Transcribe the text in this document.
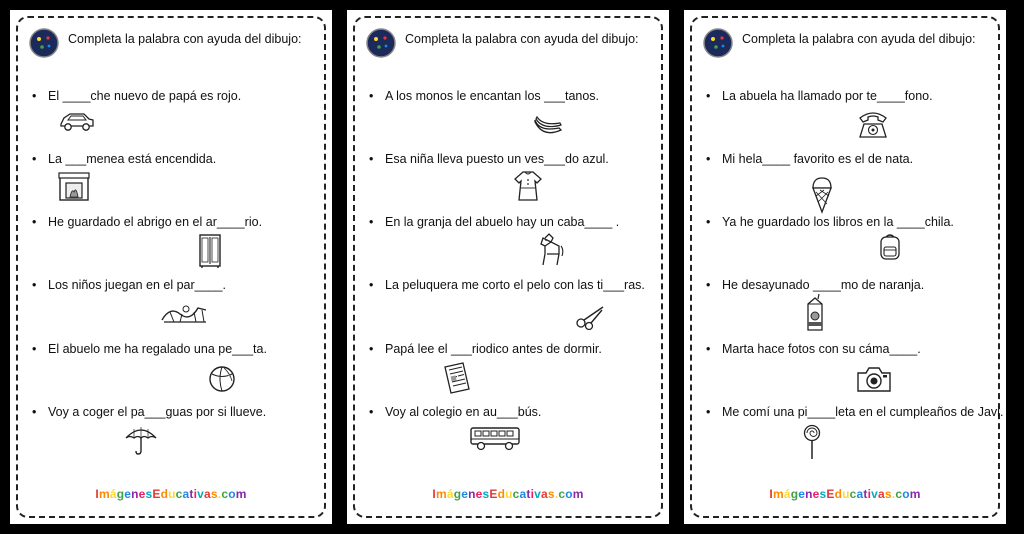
Completa la palabra con ayuda del dibujo:
• El ____che nuevo de papá es rojo.
• La ___menea está encendida.
• He guardado el abrigo en el ar____rio.
• Los niños juegan en el par____.
• El abuelo me ha regalado una pe___ta.
• Voy a coger el pa___guas por si llueve.
ImágenesEducativas.com
Completa la palabra con ayuda del dibujo:
• A los monos le encantan los ___tanos.
• Esa niña lleva puesto un ves___do azul.
• En la granja del abuelo hay un caba____ .
• La peluquera me corto el pelo con las ti___ras.
• Papá lee el ___riodico antes de dormir.
• Voy al colegio en au___bús.
ImágenesEducativas.com
Completa la palabra con ayuda del dibujo:
• La abuela ha llamado por te____fono.
• Mi hela____ favorito es el de nata.
• Ya he guardado los libros en la ____chila.
• He desayunado ____mo de naranja.
• Marta hace fotos con su cáma____.
• Me comí una pi____leta en el cumpleaños de Javi.
ImágenesEducativas.com
